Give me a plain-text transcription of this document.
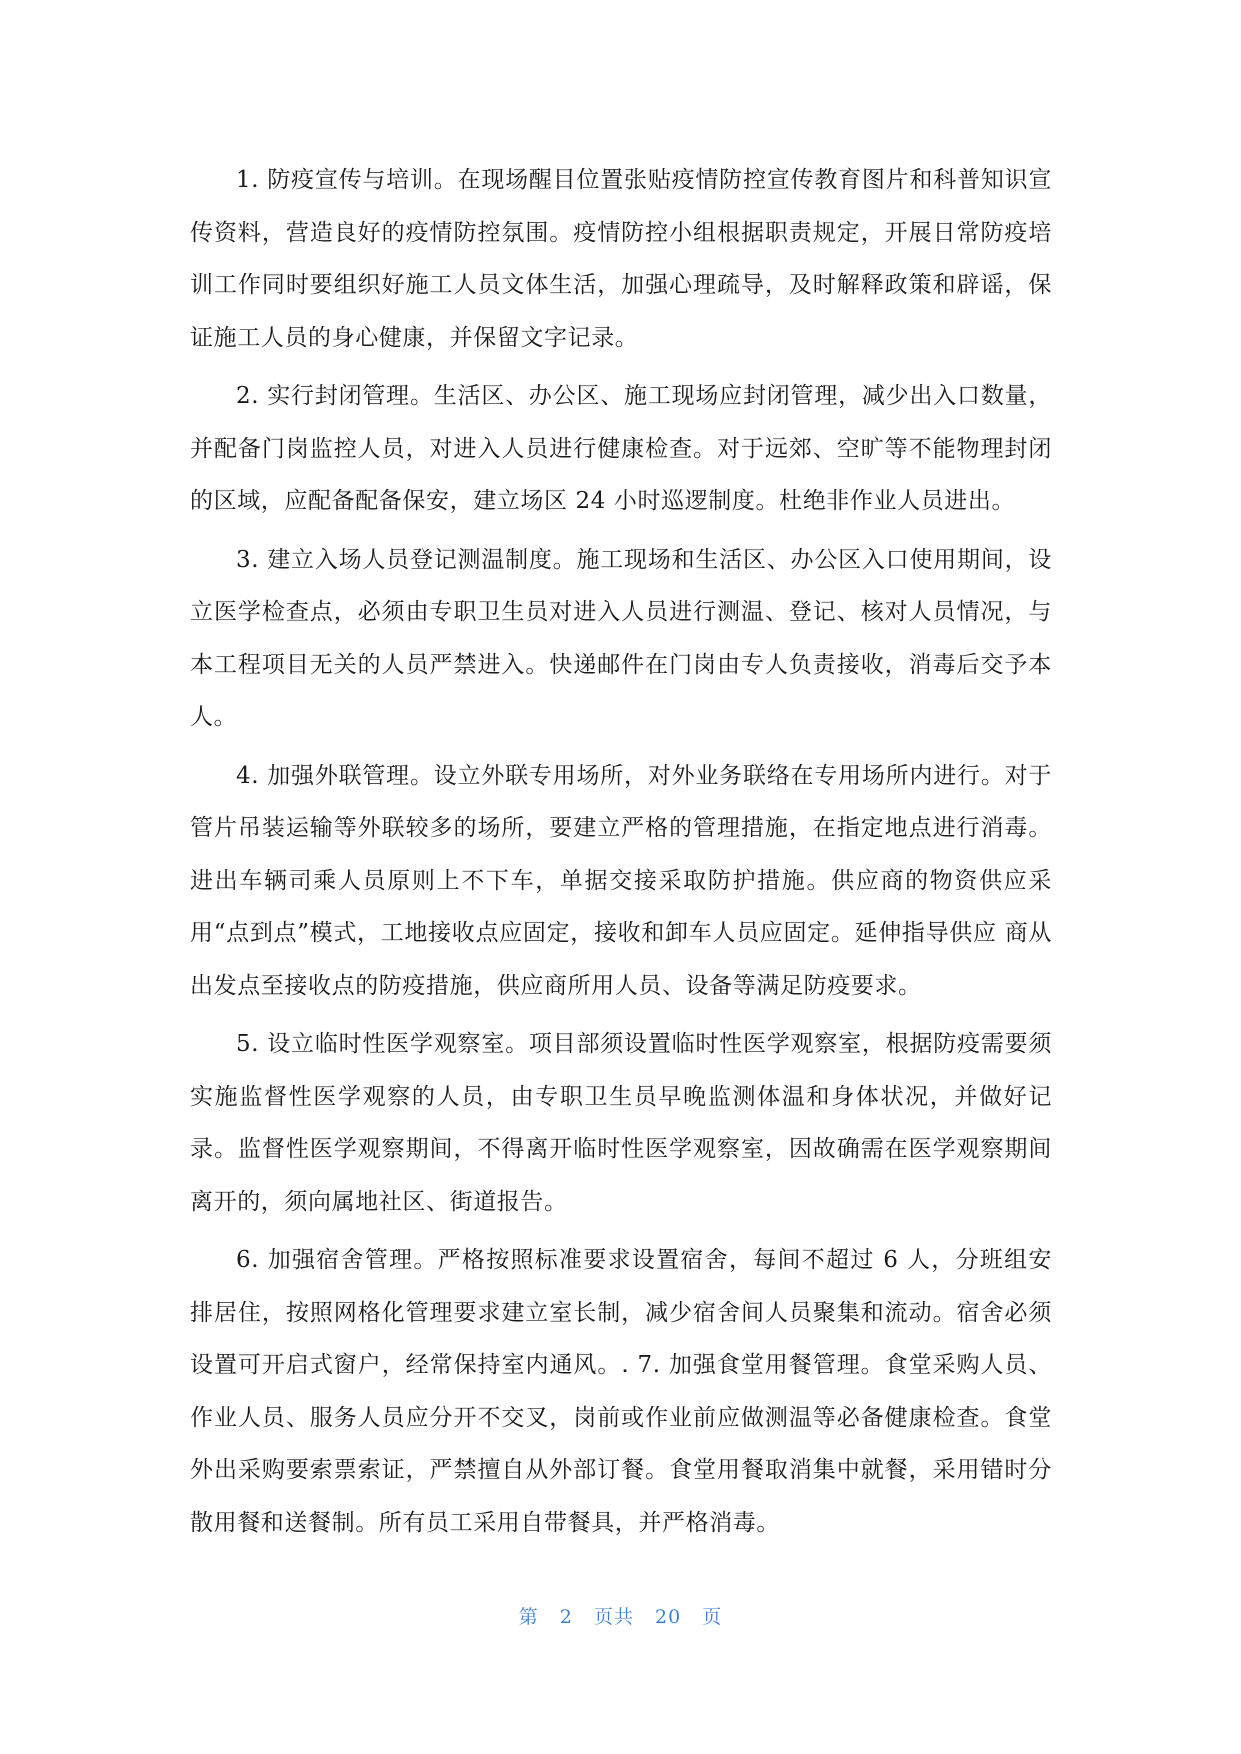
1. 防疫宣传与培训。在现场醒目位置张贴疫情防控宣传教育图片和科普知识宣传资料，营造良好的疫情防控氛围。疫情防控小组根据职责规定，开展日常防疫培训工作同时要组织好施工人员文体生活，加强心理疏导，及时解释政策和辟谣，保证施工人员的身心健康，并保留文字记录。

2. 实行封闭管理。生活区、办公区、施工现场应封闭管理，减少出入口数量，并配备门岗监控人员，对进入人员进行健康检查。对于远郊、空旷等不能物理封闭的区域，应配备配备保安，建立场区 24 小时巡逻制度。杜绝非作业人员进出。

3. 建立入场人员登记测温制度。施工现场和生活区、办公区入口使用期间，设立医学检查点，必须由专职卫生员对进入人员进行测温、登记、核对人员情况，与本工程项目无关的人员严禁进入。快递邮件在门岗由专人负责接收，消毒后交予本人。

4. 加强外联管理。设立外联专用场所，对外业务联络在专用场所内进行。对于管片吊装运输等外联较多的场所，要建立严格的管理措施，在指定地点进行消毒。进出车辆司乘人员原则上不下车，单据交接采取防护措施。供应商的物资供应采用“点到点”模式，工地接收点应固定，接收和卸车人员应固定。延伸指导供应 商从出发点至接收点的防疫措施，供应商所用人员、设备等满足防疫要求。

5. 设立临时性医学观察室。项目部须设置临时性医学观察室，根据防疫需要须实施监督性医学观察的人员，由专职卫生员早晚监测体温和身体状况，并做好记录。监督性医学观察期间，不得离开临时性医学观察室，因故确需在医学观察期间离开的，须向属地社区、街道报告。

6. 加强宿舍管理。严格按照标准要求设置宿舍，每间不超过 6 人，分班组安排居住，按照网格化管理要求建立室长制，减少宿舍间人员聚集和流动。宿舍必须设置可开启式窗户，经常保持室内通风。. 7. 加强食堂用餐管理。食堂采购人员、作业人员、服务人员应分开不交叉，岗前或作业前应做测温等必备健康检查。食堂外出采购要索票索证，严禁擅自从外部订餐。食堂用餐取消集中就餐，采用错时分散用餐和送餐制。所有员工采用自带餐具，并严格消毒。

第 2 页共 20 页
